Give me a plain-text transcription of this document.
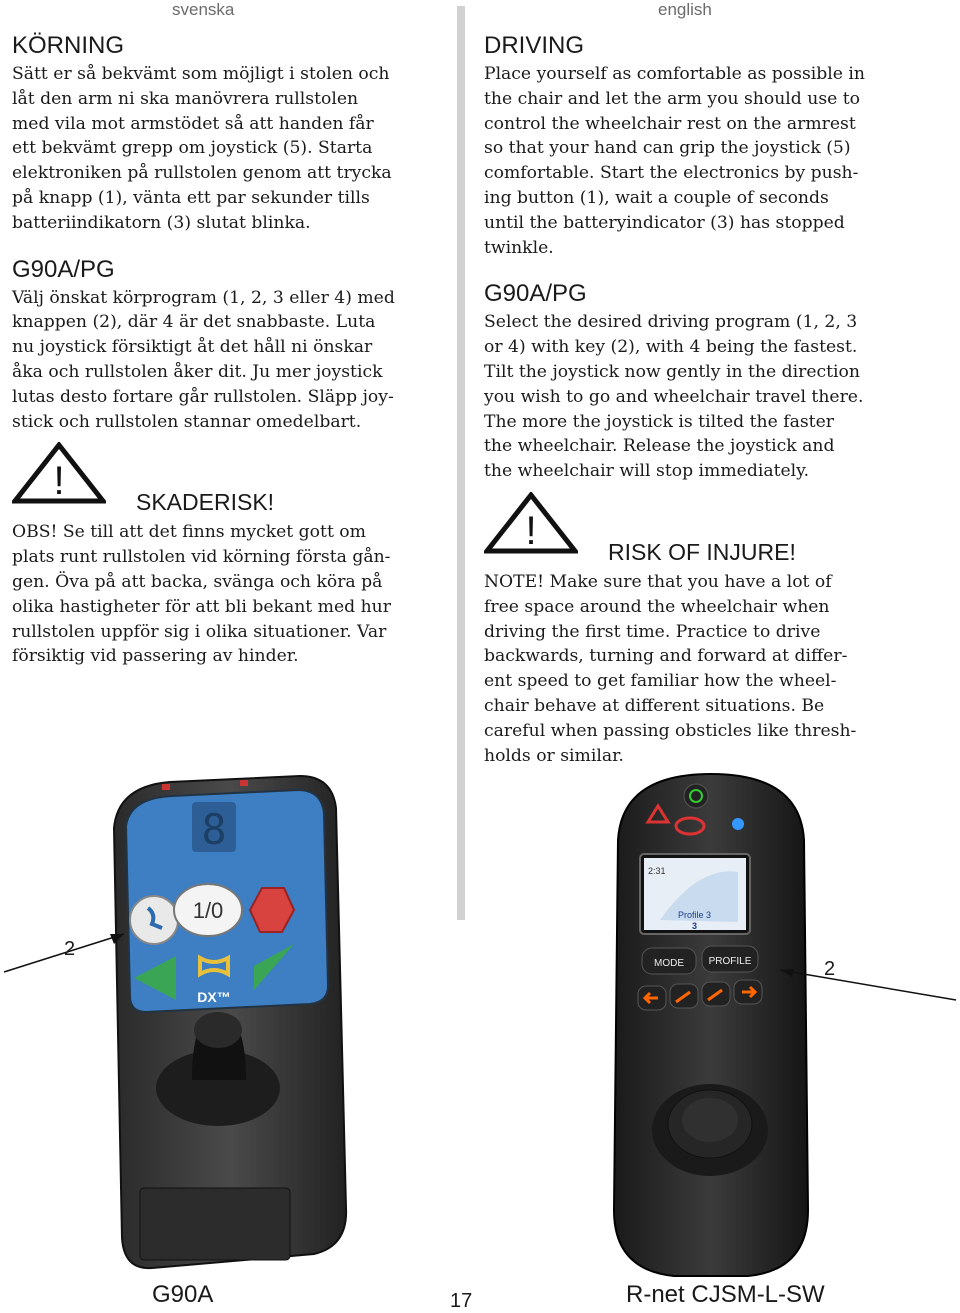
svenska	english
KÖRNING

Sätt er så bekvämt som möjligt i stolen och

låt den arm ni ska manövrera rullstolen

med vila mot armstödet så att handen får

ett bekvämt grepp om joystick (5). Starta

elektroniken på rullstolen genom att trycka

på knapp (1), vänta ett par sekunder tills

batteriindikatorn (3) slutat blinka.

G90A/PG

Välj önskat körprogram (1, 2, 3 eller 4) med

knappen (2), där 4 är det snabbaste. Luta

nu joystick försiktigt åt det håll ni önskar

åka och rullstolen åker dit. Ju mer joystick

lutas desto fortare går rullstolen. Släpp joy-

stick och rullstolen stannar omedelbart.

!	SKADERISK!

OBS! Se till att det finns mycket gott om

plats runt rullstolen vid körning första gån-

gen. Öva på att backa, svänga och köra på

olika hastigheter för att bli bekant med hur

rullstolen uppför sig i olika situationer. Var

försiktig vid passering av hinder.

DRIVING

Place yourself as comfortable as possible in

the chair and let the arm you should use to

control the wheelchair rest on the armrest

so that your hand can grip the joystick (5)

comfortable. Start the electronics by push-

ing button (1), wait a couple of seconds

until the batteryindicator (3) has stopped

twinkle.

G90A/PG

Select the desired driving program (1, 2, 3

or 4) with key (2), with 4 being the fastest.

Tilt the joystick now gently in the direction

you wish to go and wheelchair travel there.

The more the joystick is tilted the faster

the wheelchair. Release the joystick and

the wheelchair will stop immediately.

!	RISK OF INJURE!

NOTE! Make sure that you have a lot of

free space around the wheelchair when

driving the first time. Practice to drive

backwards, turning and forward at differ-

ent speed to get familiar how the wheel-

chair behave at different situations. Be

careful when passing obsticles like thresh-

holds or similar.

8
1/0
DX™
2:31
Profile 3
3
MODE PROFILE
2
2
G90A	R-net CJSM-L-SW
17
